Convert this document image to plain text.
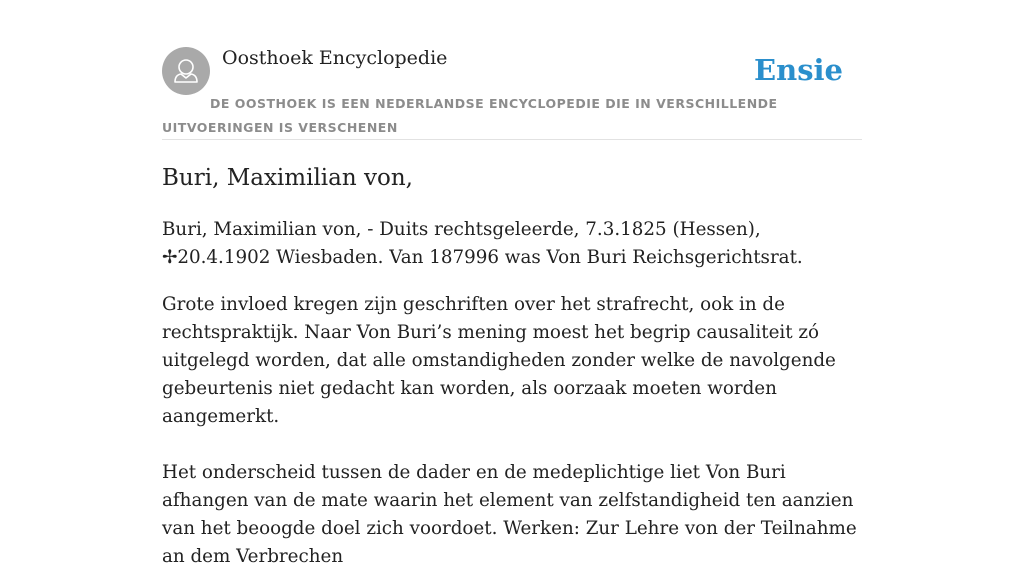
Oosthoek Encyclopedie	Ensie
DE OOSTHOEK IS EEN NEDERLANDSE ENCYCLOPEDIE DIE IN VERSCHILLENDE UITVOERINGEN IS VERSCHENEN
Buri, Maximilian von,

Buri, Maximilian von, - Duits rechtsgeleerde, 7.3.1825 (Hessen), ✢20.4.1902 Wiesbaden. Van 187996 was Von Buri Reichsgerichtsrat.

Grote invloed kregen zijn geschriften over het strafrecht, ook in de rechtspraktijk. Naar Von Buri’s mening moest het begrip causaliteit zó uitgelegd worden, dat alle omstandigheden zonder welke de navolgende gebeurtenis niet gedacht kan worden, als oorzaak moeten worden aangemerkt.

Het onderscheid tussen de dader en de medeplichtige liet Von Buri afhangen van de mate waarin het element van zelfstandigheid ten aanzien van het beoogde doel zich voordoet. Werken: Zur Lehre von der Teilnahme an dem Verbrechen
